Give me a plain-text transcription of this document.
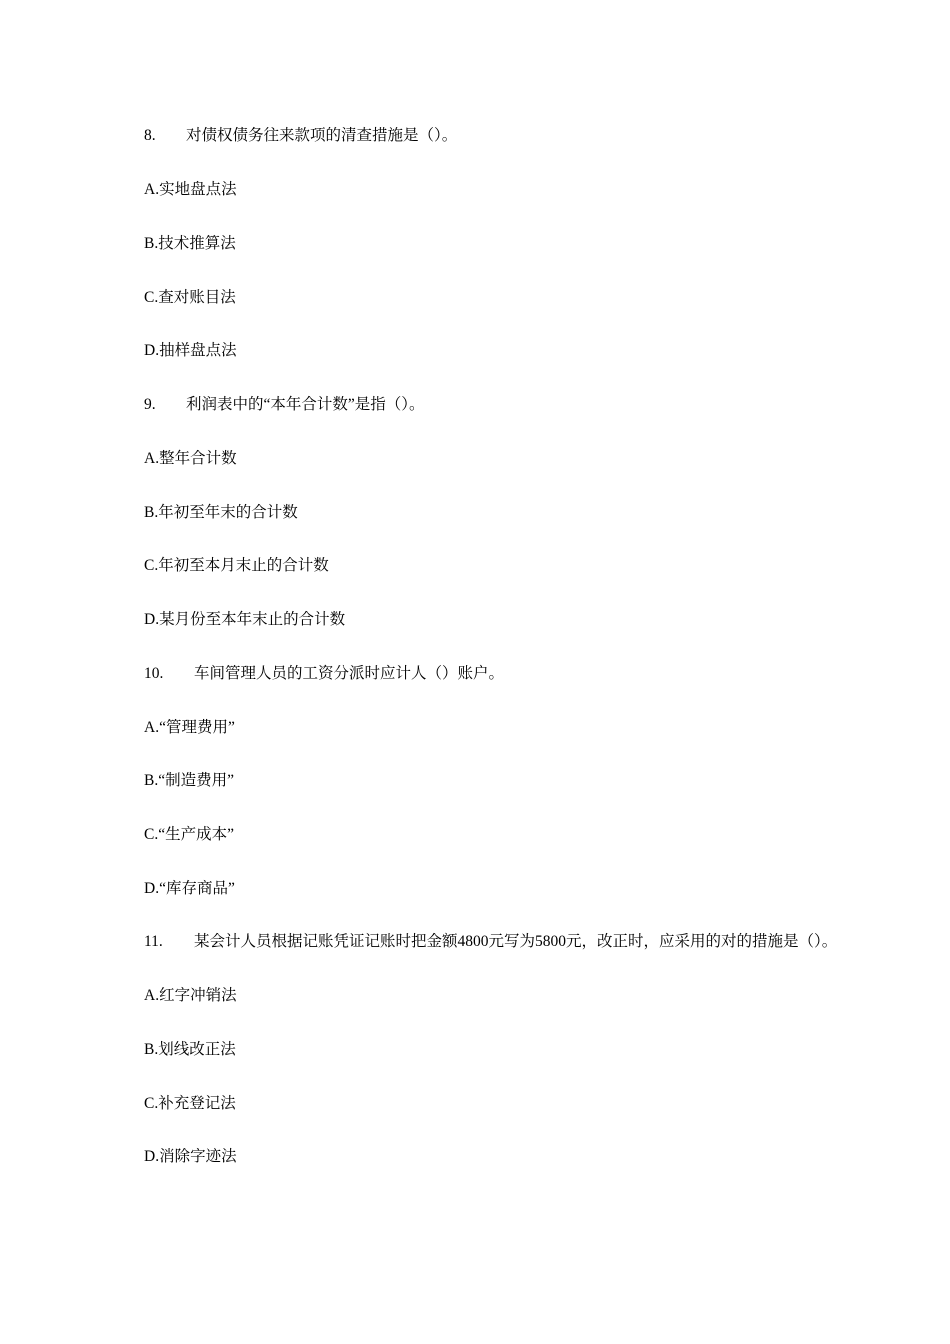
8. 对债权债务往来款项的清查措施是（）。
A.实地盘点法
B.技术推算法
C.查对账目法
D.抽样盘点法
9. 利润表中的“本年合计数”是指（）。
A.整年合计数
B.年初至年末的合计数
C.年初至本月末止的合计数
D.某月份至本年末止的合计数
10. 车间管理人员的工资分派时应计人（）账户。
A.“管理费用”
B.“制造费用”
C.“生产成本”
D.“库存商品”
11. 某会计人员根据记账凭证记账时把金额4800元写为5800元，改正时，应采用的对的措施是（）。
A.红字冲销法
B.划线改正法
C.补充登记法
D.消除字迹法
